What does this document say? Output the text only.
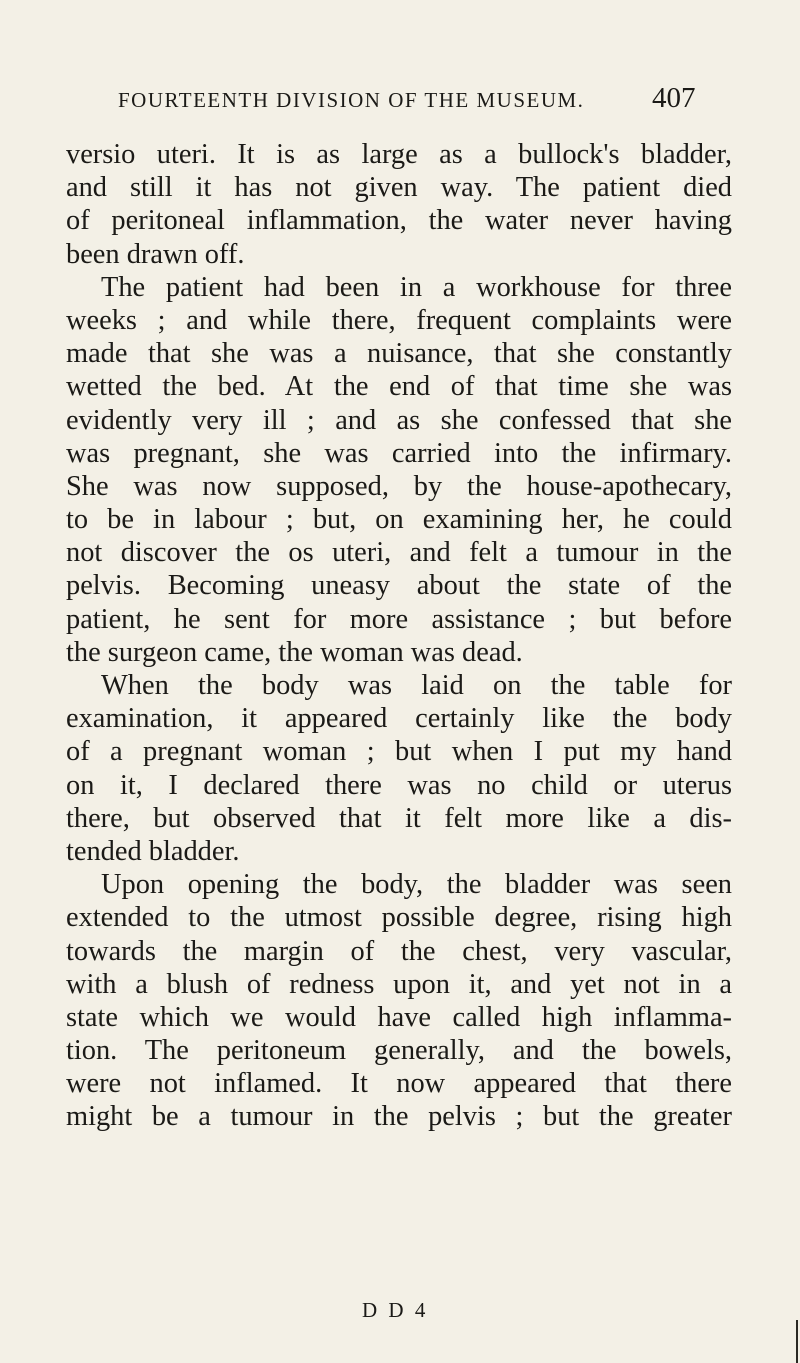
FOURTEENTH DIVISION OF THE MUSEUM.	407
versio uteri. It is as large as a bullock's bladder,
and still it has not given way. The patient died
of peritoneal inflammation, the water never having
been drawn off.
The patient had been in a workhouse for three
weeks ; and while there, frequent complaints were
made that she was a nuisance, that she constantly
wetted the bed. At the end of that time she was
evidently very ill ; and as she confessed that she
was pregnant, she was carried into the infirmary.
She was now supposed, by the house-apothecary,
to be in labour ; but, on examining her, he could
not discover the os uteri, and felt a tumour in the
pelvis. Becoming uneasy about the state of the
patient, he sent for more assistance ; but before
the surgeon came, the woman was dead.
When the body was laid on the table for
examination, it appeared certainly like the body
of a pregnant woman ; but when I put my hand
on it, I declared there was no child or uterus
there, but observed that it felt more like a dis-
tended bladder.
Upon opening the body, the bladder was seen
extended to the utmost possible degree, rising high
towards the margin of the chest, very vascular,
with a blush of redness upon it, and yet not in a
state which we would have called high inflamma-
tion. The peritoneum generally, and the bowels,
were not inflamed. It now appeared that there
might be a tumour in the pelvis ; but the greater
D D 4
